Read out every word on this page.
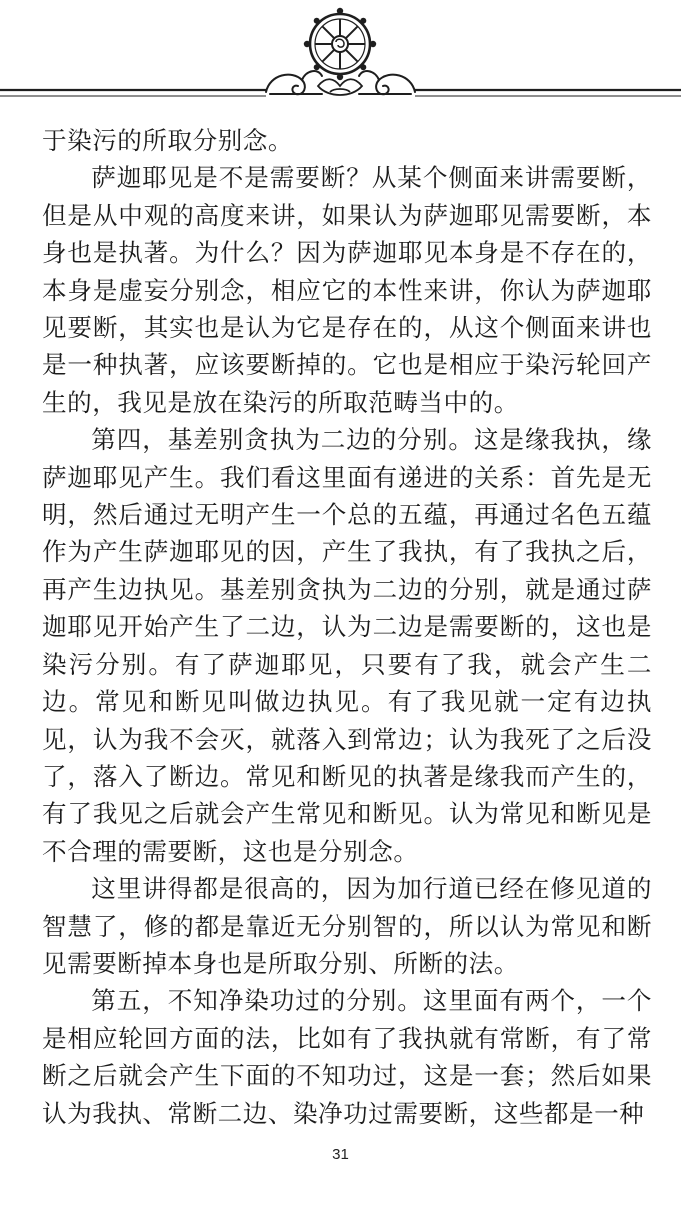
于染污的所取分别念。

萨迦耶见是不是需要断？从某个侧面来讲需要断，但是从中观的高度来讲，如果认为萨迦耶见需要断，本身也是执著。为什么？因为萨迦耶见本身是不存在的，本身是虚妄分别念，相应它的本性来讲，你认为萨迦耶见要断，其实也是认为它是存在的，从这个侧面来讲也是一种执著，应该要断掉的。它也是相应于染污轮回产生的，我见是放在染污的所取范畴当中的。

第四，基差别贪执为二边的分别。这是缘我执，缘萨迦耶见产生。我们看这里面有递进的关系：首先是无明，然后通过无明产生一个总的五蕴，再通过名色五蕴作为产生萨迦耶见的因，产生了我执，有了我执之后，再产生边执见。基差别贪执为二边的分别，就是通过萨迦耶见开始产生了二边，认为二边是需要断的，这也是染污分别。有了萨迦耶见，只要有了我，就会产生二边。常见和断见叫做边执见。有了我见就一定有边执见，认为我不会灭，就落入到常边；认为我死了之后没了，落入了断边。常见和断见的执著是缘我而产生的，有了我见之后就会产生常见和断见。认为常见和断见是不合理的需要断，这也是分别念。

这里讲得都是很高的，因为加行道已经在修见道的智慧了，修的都是靠近无分别智的，所以认为常见和断见需要断掉本身也是所取分别、所断的法。

第五，不知净染功过的分别。这里面有两个，一个是相应轮回方面的法，比如有了我执就有常断，有了常断之后就会产生下面的不知功过，这是一套；然后如果认为我执、常断二边、染净功过需要断，这些都是一种

31
